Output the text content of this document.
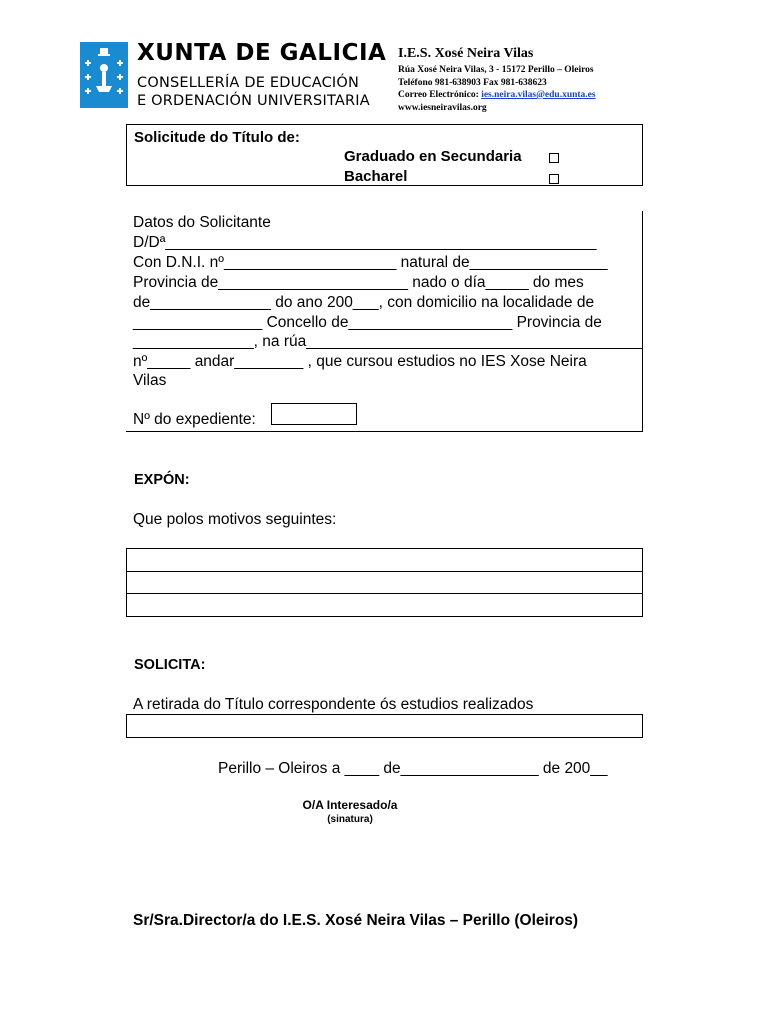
XUNTA DE GALICIA
CONSELLERÍA DE EDUCACIÓN
E ORDENACIÓN UNIVERSITARIA
I.E.S. Xosé Neira Vilas
Rúa Xosé Neira Vilas, 3 - 15172 Perillo – Oleiros
Teléfono 981-638903 Fax 981-638623
Correo Electrónico: ies.neira.vilas@edu.xunta.es
www.iesneiravilas.org
Solicitude do Título de:
Graduado en Secundaria
Bacharel
Datos do Solicitante
D/Dª__________________________________________________
Con D.N.I. nº____________________ natural de________________
Provincia de______________________ nado o día_____ do mes
de______________ do ano 200___, con domicilio na localidade de
_______________ Concello de___________________ Provincia de
______________, na rúa_______________________________________
nº_____ andar________ , que cursou estudios no IES Xose Neira
Vilas
Nº do expediente:
EXPÓN:
Que polos motivos seguintes:
SOLICITA:
A retirada do Título correspondente ós estudios realizados
Perillo – Oleiros a ____ de________________ de 200__
O/A Interesado/a
(sinatura)
Sr/Sra.Director/a do I.E.S. Xosé Neira Vilas – Perillo (Oleiros)
